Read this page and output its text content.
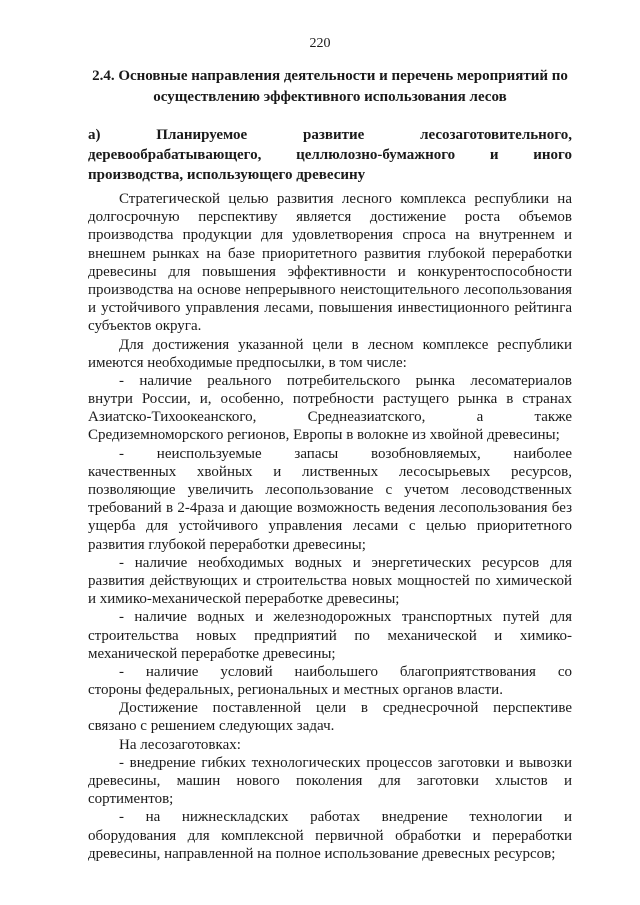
220
2.4. Основные направления деятельности и перечень мероприятий по
осуществлению эффективного использования лесов
а) Планируемое развитие лесозаготовительного,
деревообрабатывающего, целлюлозно-бумажного и иного
производства, использующего древесину
Стратегической целью развития лесного комплекса республики на
долгосрочную перспективу является достижение роста объемов
производства продукции для удовлетворения спроса на внутреннем и
внешнем рынках на базе приоритетного развития глубокой переработки
древесины для повышения эффективности и конкурентоспособности
производства на основе непрерывного неистощительного лесопользования
и устойчивого управления лесами, повышения инвестиционного рейтинга
субъектов округа.
Для достижения указанной цели в лесном комплексе республики
имеются необходимые предпосылки, в том числе:
- наличие реального потребительского рынка лесоматериалов
внутри России, и, особенно, потребности растущего рынка в странах
Азиатско-Тихоокеанского, Среднеазиатского, а также
Средиземноморского регионов, Европы в волокне из хвойной древесины;
- неиспользуемые запасы возобновляемых, наиболее
качественных хвойных и лиственных лесосырьевых ресурсов,
позволяющие увеличить лесопользование с учетом лесоводственных
требований в 2-4раза и дающие возможность ведения лесопользования без
ущерба для устойчивого управления лесами с целью приоритетного
развития глубокой переработки древесины;
- наличие необходимых водных и энергетических ресурсов для
развития действующих и строительства новых мощностей по химической
и химико-механической переработке древесины;
- наличие водных и железнодорожных транспортных путей для
строительства новых предприятий по механической и химико-
механической переработке древесины;
- наличие условий наибольшего благоприятствования со
стороны федеральных, региональных и местных органов власти.
Достижение поставленной цели в среднесрочной перспективе
связано с решением следующих задач.
На лесозаготовках:
- внедрение гибких технологических процессов заготовки и вывозки
древесины, машин нового поколения для заготовки хлыстов и
сортиментов;
- на нижнескладских работах внедрение технологии и
оборудования для комплексной первичной обработки и переработки
древесины, направленной на полное использование древесных ресурсов;
